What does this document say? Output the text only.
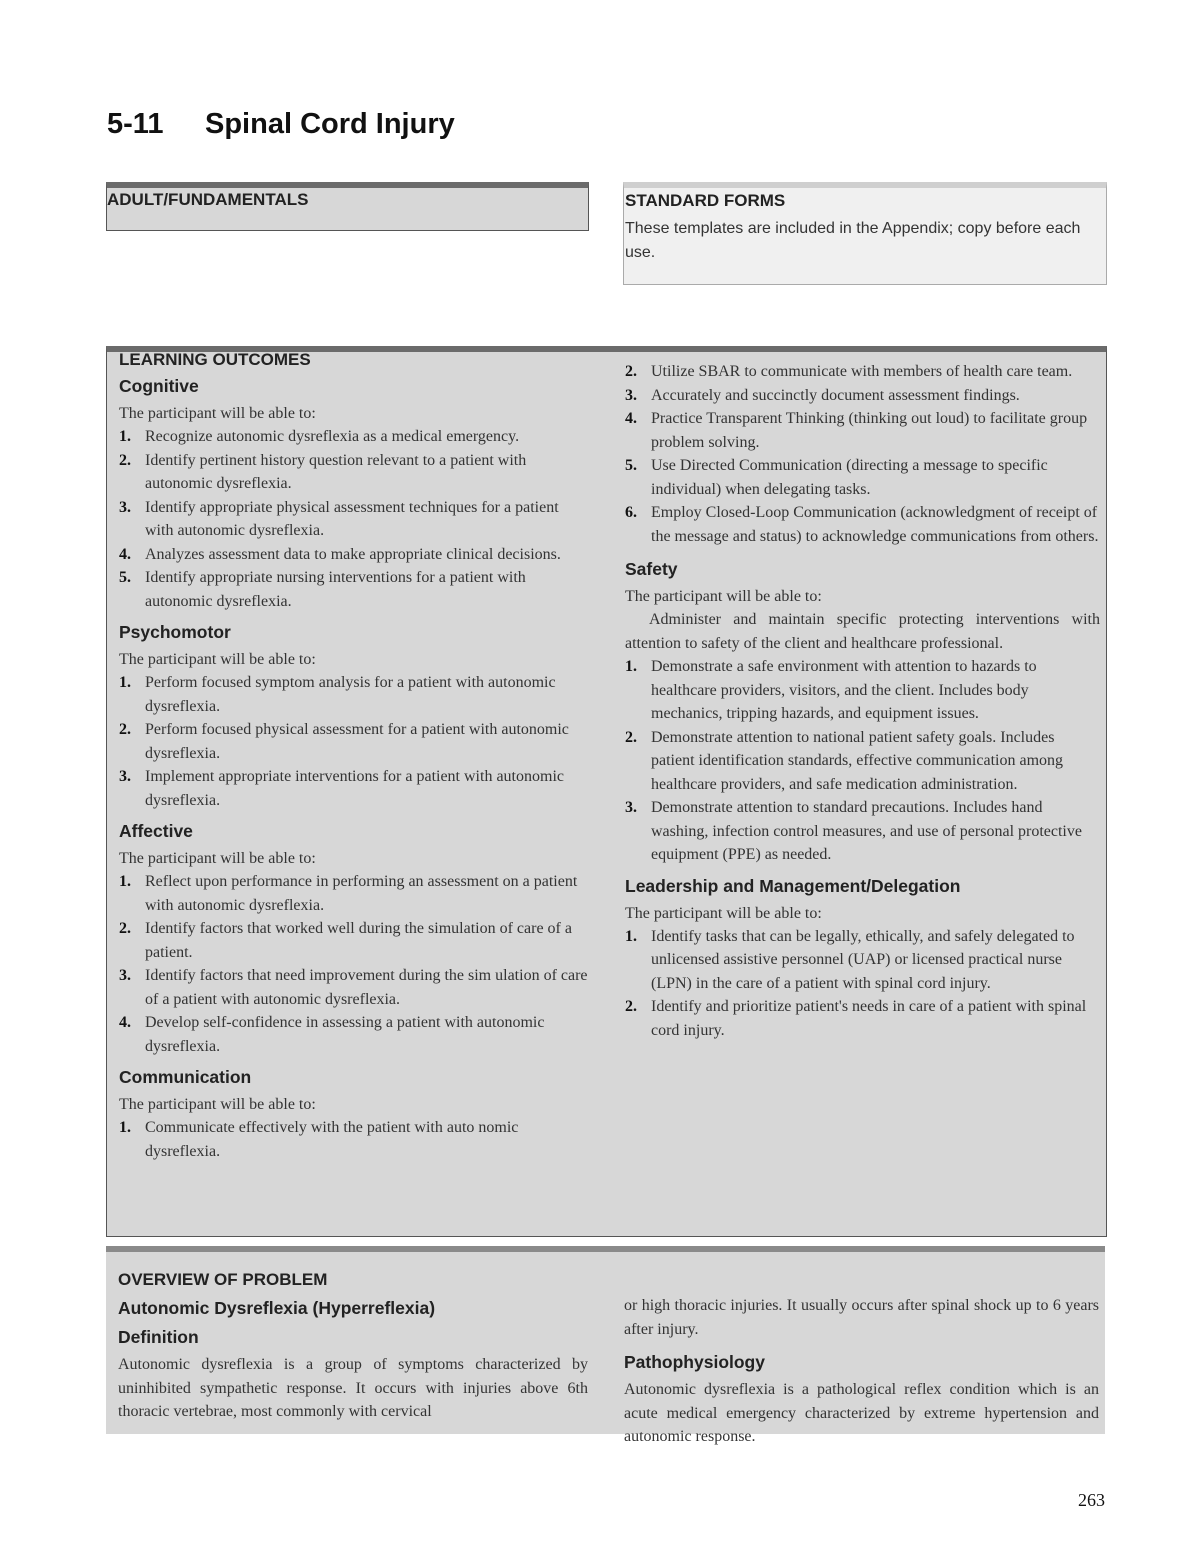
5-11 Spinal Cord Injury
ADULT/FUNDAMENTALS	STANDARD FORMS
These templates are included in the Appendix; copy before each use.
LEARNING OUTCOMES
Cognitive

The participant will be able to:

1. Recognize autonomic dysreflexia as a medical emergency.
2. Identify pertinent history question relevant to a patient with autonomic dysreflexia.
3. Identify appropriate physical assessment techniques for a patient with autonomic dysreflexia.
4. Analyzes assessment data to make appropriate clinical decisions.
5. Identify appropriate nursing interventions for a patient with autonomic dysreflexia.
Psychomotor

The participant will be able to:

1. Perform focused symptom analysis for a patient with autonomic dysreflexia.
2. Perform focused physical assessment for a patient with autonomic dysreflexia.
3. Implement appropriate interventions for a patient with autonomic dysreflexia.
Affective

The participant will be able to:

1. Reflect upon performance in performing an assessment on a patient with autonomic dysreflexia.
2. Identify factors that worked well during the simulation of care of a patient.
3. Identify factors that need improvement during the sim ulation of care of a patient with autonomic dysreflexia.
4. Develop self-confidence in assessing a patient with autonomic dysreflexia.
Communication

The participant will be able to:

1. Communicate effectively with the patient with auto nomic dysreflexia.
2. Utilize SBAR to communicate with members of health care team.
3. Accurately and succinctly document assessment findings.
4. Practice Transparent Thinking (thinking out loud) to facilitate group problem solving.
5. Use Directed Communication (directing a message to specific individual) when delegating tasks.
6. Employ Closed-Loop Communication (acknowledgment of receipt of the message and status) to acknowledge communications from others.
Safety

The participant will be able to:

Administer and maintain specific protecting interventions with attention to safety of the client and healthcare professional.

1. Demonstrate a safe environment with attention to hazards to healthcare providers, visitors, and the client. Includes body mechanics, tripping hazards, and equipment issues.
2. Demonstrate attention to national patient safety goals. Includes patient identification standards, effective communication among healthcare providers, and safe medication administration.
3. Demonstrate attention to standard precautions. Includes hand washing, infection control measures, and use of personal protective equipment (PPE) as needed.
Leadership and Management/Delegation

The participant will be able to:

1. Identify tasks that can be legally, ethically, and safely delegated to unlicensed assistive personnel (UAP) or licensed practical nurse (LPN) in the care of a patient with spinal cord injury.
2. Identify and prioritize patient's needs in care of a patient with spinal cord injury.
OVERVIEW OF PROBLEM
Autonomic Dysreflexia (Hyperreflexia)
Definition

Autonomic dysreflexia is a group of symptoms characterized by uninhibited sympathetic response. It occurs with injuries above 6th thoracic vertebrae, most commonly with cervical

or high thoracic injuries. It usually occurs after spinal shock up to 6 years after injury.

Pathophysiology

Autonomic dysreflexia is a pathological reflex condition which is an acute medical emergency characterized by extreme hypertension and autonomic response.

263
